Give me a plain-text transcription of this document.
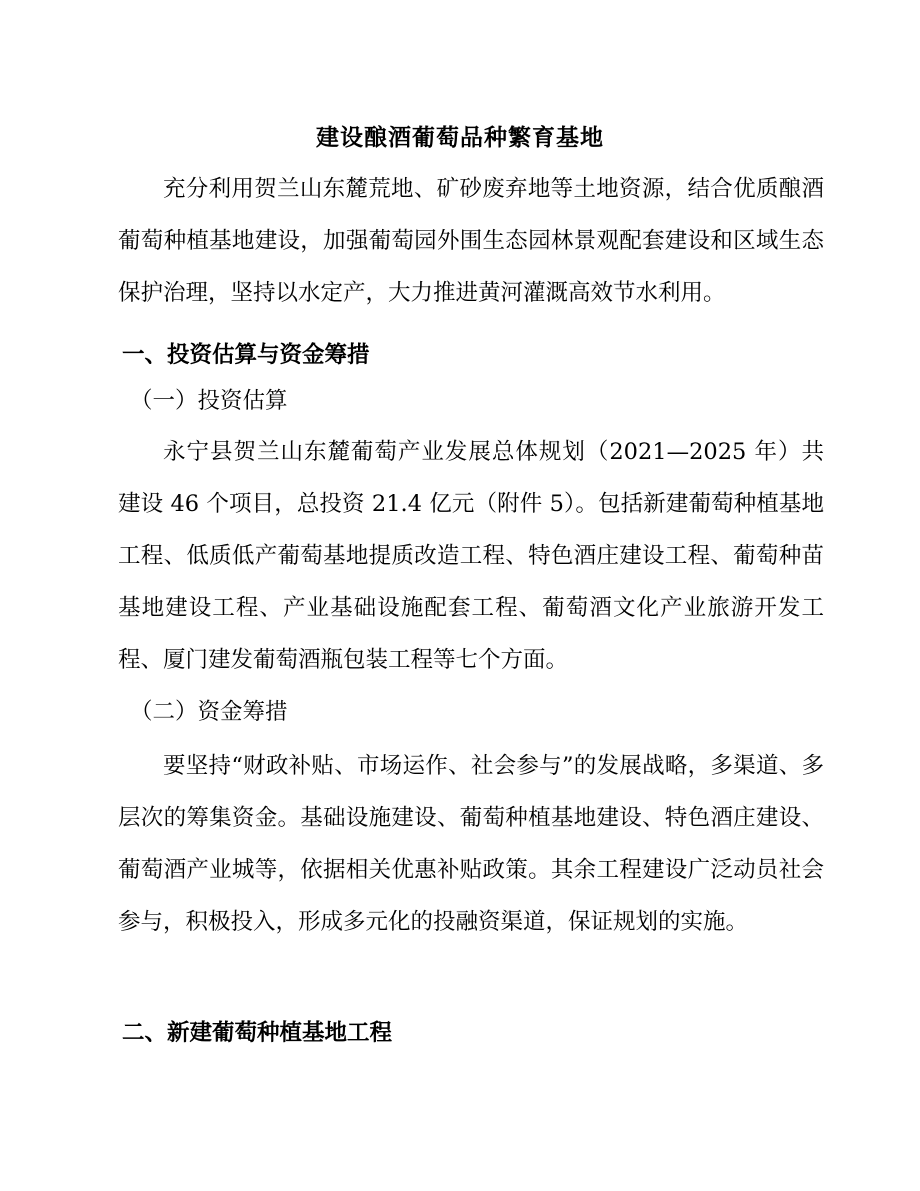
建设酿酒葡萄品种繁育基地

充分利用贺兰山东麓荒地、矿砂废弃地等土地资源，结合优质酿酒葡萄种植基地建设，加强葡萄园外围生态园林景观配套建设和区域生态保护治理，坚持以水定产，大力推进黄河灌溉高效节水利用。

一、投资估算与资金筹措

（一）投资估算

永宁县贺兰山东麓葡萄产业发展总体规划（2021—2025 年）共建设 46 个项目，总投资 21.4 亿元（附件 5）。包括新建葡萄种植基地工程、低质低产葡萄基地提质改造工程、特色酒庄建设工程、葡萄种苗基地建设工程、产业基础设施配套工程、葡萄酒文化产业旅游开发工程、厦门建发葡萄酒瓶包装工程等七个方面。

（二）资金筹措

要坚持“财政补贴、市场运作、社会参与”的发展战略，多渠道、多层次的筹集资金。基础设施建设、葡萄种植基地建设、特色酒庄建设、葡萄酒产业城等，依据相关优惠补贴政策。其余工程建设广泛动员社会参与，积极投入，形成多元化的投融资渠道，保证规划的实施。

二、新建葡萄种植基地工程
